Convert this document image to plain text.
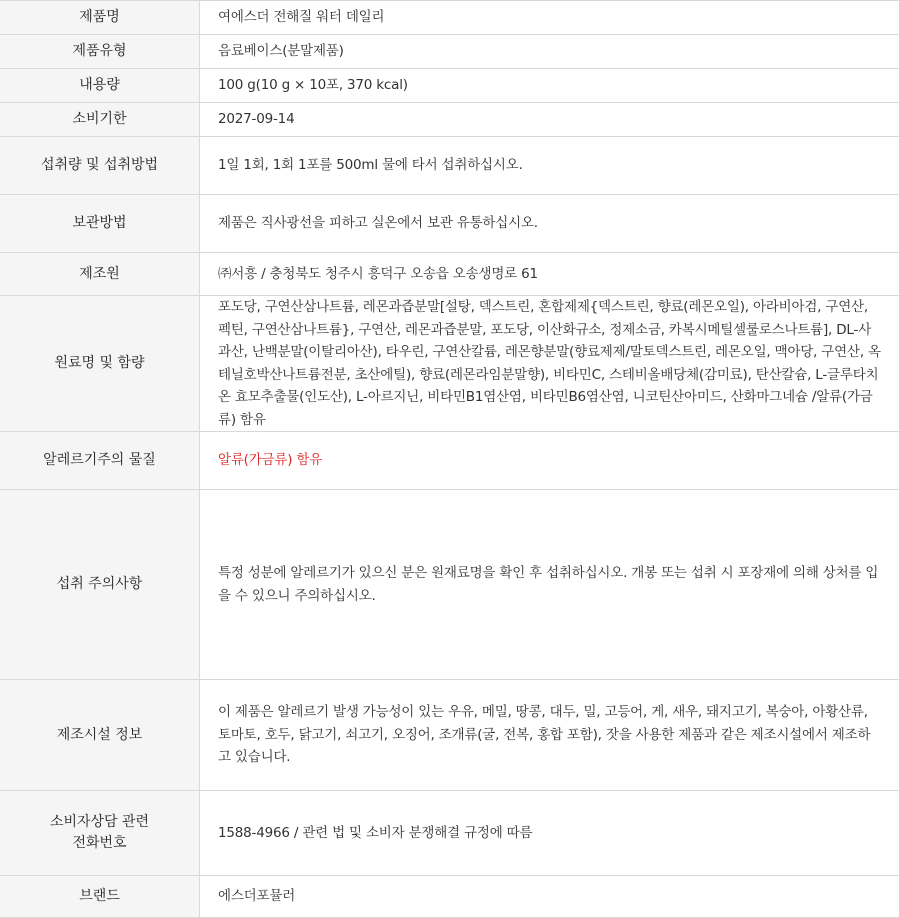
제품명	여에스더 전해질 워터 데일리
제품유형	음료베이스(분말제품)
내용량	100 g(10 g × 10포, 370 kcal)
소비기한	2027-09-14
섭취량 및 섭취방법	1일 1회, 1회 1포를 500ml 물에 타서 섭취하십시오.
보관방법	제품은 직사광선을 피하고 실온에서 보관 유통하십시오.
제조원	㈜서흥 / 충청북도 청주시 흥덕구 오송읍 오송생명로 61
원료명 및 함량	포도당, 구연산삼나트륨, 레몬과즙분말[설탕, 덱스트린, 혼합제제{덱스트린, 향료(레몬오일), 아라비아검, 구연산, 펙틴, 구연산삼나트륨}, 구연산, 레몬과즙분말, 포도당, 이산화규소, 정제소금, 카복시메틸셀룰로스나트륨], DL-사과산, 난백분말(이탈리아산), 타우린, 구연산칼륨, 레몬향분말(향료제제/말토덱스트린, 레몬오일, 맥아당, 구연산, 옥테닐호박산나트륨전분, 초산에틸), 향료(레몬라임분말향), 비타민C, 스테비올배당체(감미료), 탄산칼슘, L-글루타치온 효모추출물(인도산), L-아르지닌, 비타민B1염산염, 비타민B6염산염, 니코틴산아미드, 산화마그네슘 /알류(가금류) 함유
알레르기주의 물질	알류(가금류) 함유
섭취 주의사항	특정 성분에 알레르기가 있으신 분은 원재료명을 확인 후 섭취하십시오. 개봉 또는 섭취 시 포장재에 의해 상처를 입을 수 있으니 주의하십시오.
제조시설 정보	이 제품은 알레르기 발생 가능성이 있는 우유, 메밀, 땅콩, 대두, 밀, 고등어, 게, 새우, 돼지고기, 복숭아, 아황산류, 토마토, 호두, 닭고기, 쇠고기, 오징어, 조개류(굴, 전복, 홍합 포함), 잣을 사용한 제품과 같은 제조시설에서 제조하고 있습니다.
소비자상담 관련
전화번호	1588-4966 / 관련 법 및 소비자 분쟁해결 규정에 따름
브랜드	에스더포뮬러
